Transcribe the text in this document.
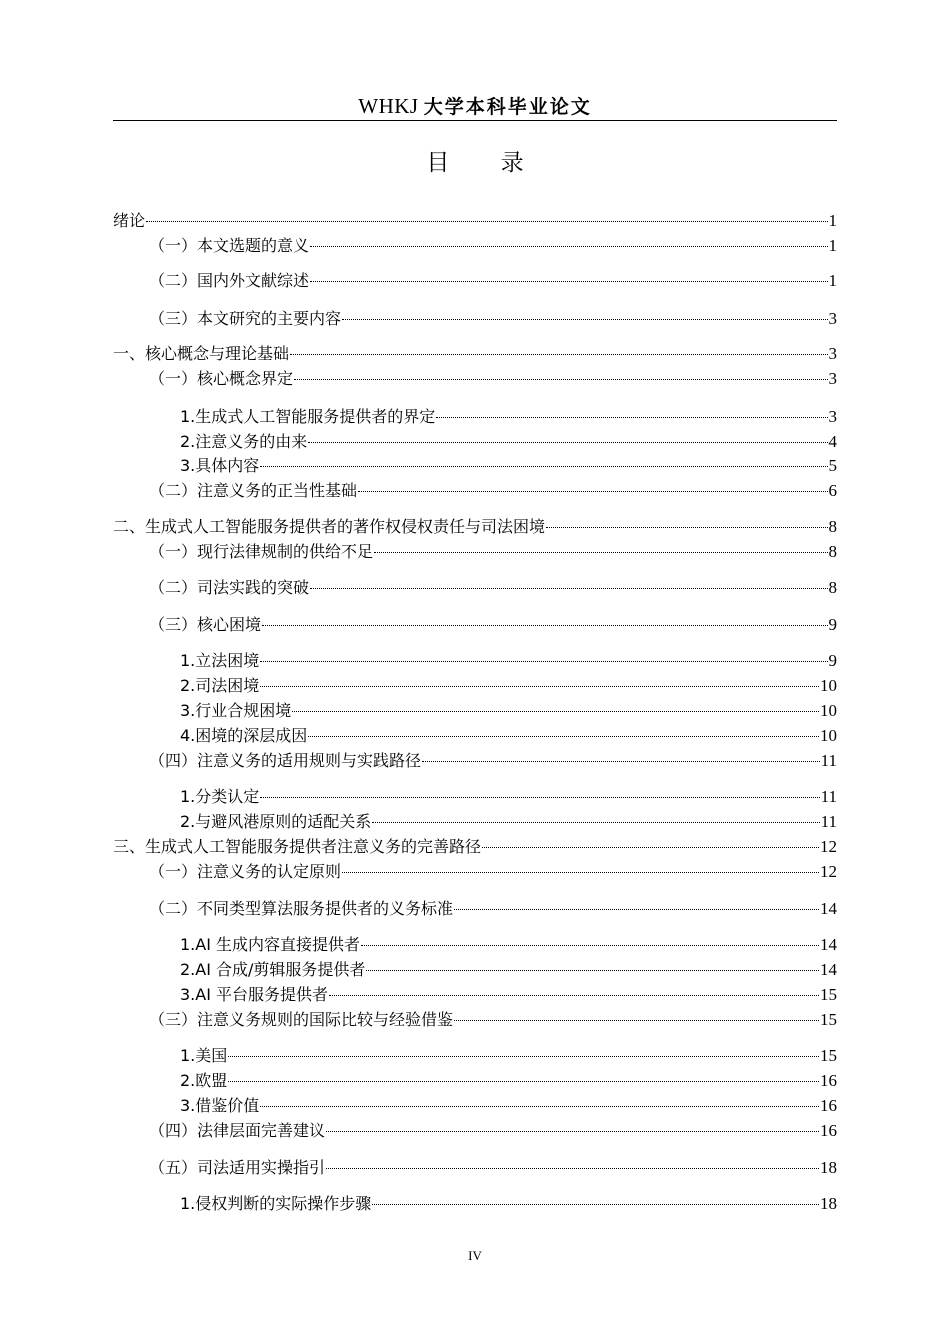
WHKJ 大学本科毕业论文
目 录
绪论	1
（一）本文选题的意义	1
（二）国内外文献综述	1
（三）本文研究的主要内容	3
一、核心概念与理论基础	3
（一）核心概念界定	3
1.生成式人工智能服务提供者的界定	3
2.注意义务的由来	4
3.具体内容	5
（二）注意义务的正当性基础	6
二、生成式人工智能服务提供者的著作权侵权责任与司法困境	8
（一）现行法律规制的供给不足	8
（二）司法实践的突破	8
（三）核心困境	9
1.立法困境	9
2.司法困境	10
3.行业合规困境	10
4.困境的深层成因	10
（四）注意义务的适用规则与实践路径	11
1.分类认定	11
2.与避风港原则的适配关系	11
三、生成式人工智能服务提供者注意义务的完善路径	12
（一）注意义务的认定原则	12
（二）不同类型算法服务提供者的义务标准	14
1.AI 生成内容直接提供者	14
2.AI 合成/剪辑服务提供者	14
3.AI 平台服务提供者	15
（三）注意义务规则的国际比较与经验借鉴	15
1.美国	15
2.欧盟	16
3.借鉴价值	16
（四）法律层面完善建议	16
（五）司法适用实操指引	18
1.侵权判断的实际操作步骤	18
IV
